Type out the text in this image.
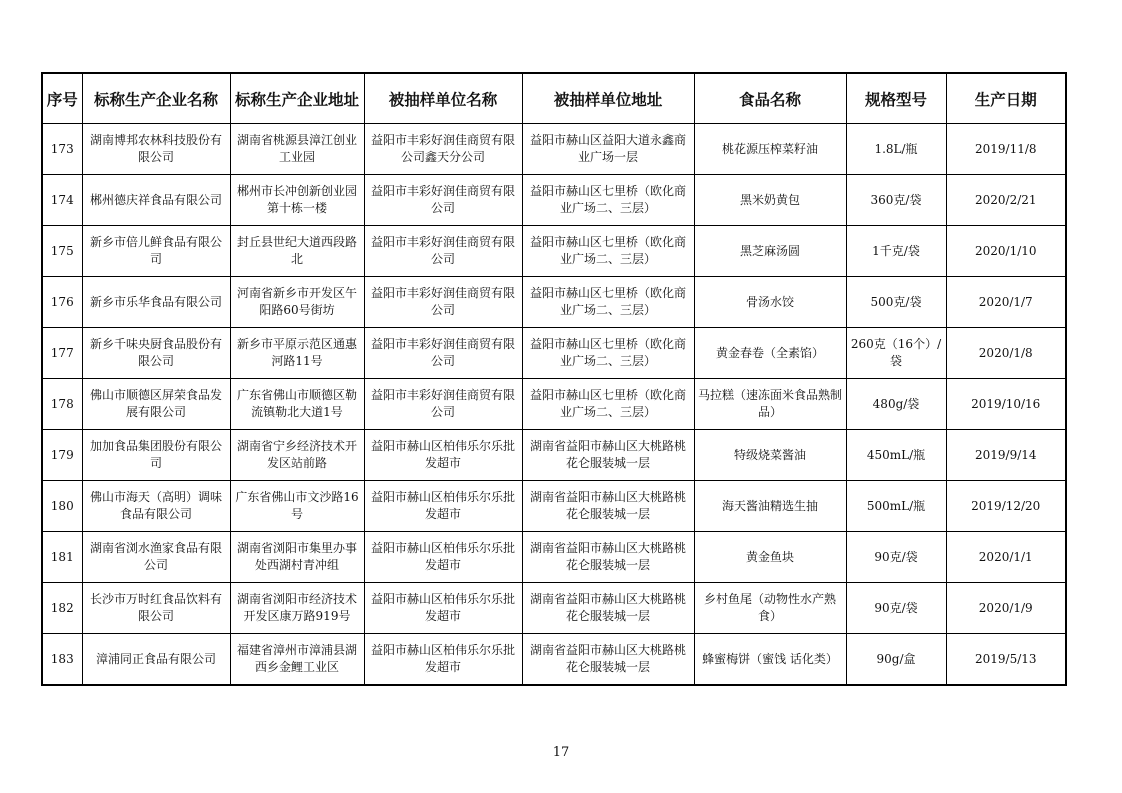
序号	标称生产企业名称	标称生产企业地址	被抽样单位名称	被抽样单位地址	食品名称	规格型号	生产日期
173	湖南博邦农林科技股份有限公司	湖南省桃源县漳江创业工业园	益阳市丰彩好润佳商贸有限公司鑫天分公司	益阳市赫山区益阳大道永鑫商业广场一层	桃花源压榨菜籽油	1.8L/瓶	2019/11/8
174	郴州德庆祥食品有限公司	郴州市长冲创新创业园第十栋一楼	益阳市丰彩好润佳商贸有限公司	益阳市赫山区七里桥（欧化商业广场二、三层）	黑米奶黄包	360克/袋	2020/2/21
175	新乡市倍儿鲜食品有限公司	封丘县世纪大道西段路北	益阳市丰彩好润佳商贸有限公司	益阳市赫山区七里桥（欧化商业广场二、三层）	黑芝麻汤圆	1千克/袋	2020/1/10
176	新乡市乐华食品有限公司	河南省新乡市开发区午阳路60号街坊	益阳市丰彩好润佳商贸有限公司	益阳市赫山区七里桥（欧化商业广场二、三层）	骨汤水饺	500克/袋	2020/1/7
177	新乡千味央厨食品股份有限公司	新乡市平原示范区通惠河路11号	益阳市丰彩好润佳商贸有限公司	益阳市赫山区七里桥（欧化商业广场二、三层）	黄金春卷（全素馅）	260克（16个）/袋	2020/1/8
178	佛山市顺德区屏荣食品发展有限公司	广东省佛山市顺德区勒流镇勒北大道1号	益阳市丰彩好润佳商贸有限公司	益阳市赫山区七里桥（欧化商业广场二、三层）	马拉糕（速冻面米食品熟制品）	480g/袋	2019/10/16
179	加加食品集团股份有限公司	湖南省宁乡经济技术开发区站前路	益阳市赫山区柏伟乐尔乐批发超市	湖南省益阳市赫山区大桃路桃花仑服装城一层	特级烧菜酱油	450mL/瓶	2019/9/14
180	佛山市海天（高明）调味食品有限公司	广东省佛山市文沙路16号	益阳市赫山区柏伟乐尔乐批发超市	湖南省益阳市赫山区大桃路桃花仑服装城一层	海天酱油精选生抽	500mL/瓶	2019/12/20
181	湖南省浏水渔家食品有限公司	湖南省浏阳市集里办事处西湖村青冲组	益阳市赫山区柏伟乐尔乐批发超市	湖南省益阳市赫山区大桃路桃花仑服装城一层	黄金鱼块	90克/袋	2020/1/1
182	长沙市万时红食品饮料有限公司	湖南省浏阳市经济技术开发区康万路919号	益阳市赫山区柏伟乐尔乐批发超市	湖南省益阳市赫山区大桃路桃花仑服装城一层	乡村鱼尾（动物性水产熟食）	90克/袋	2020/1/9
183	漳浦同正食品有限公司	福建省漳州市漳浦县湖西乡金鲤工业区	益阳市赫山区柏伟乐尔乐批发超市	湖南省益阳市赫山区大桃路桃花仑服装城一层	蜂蜜梅饼（蜜饯 话化类）	90g/盒	2019/5/13
17
